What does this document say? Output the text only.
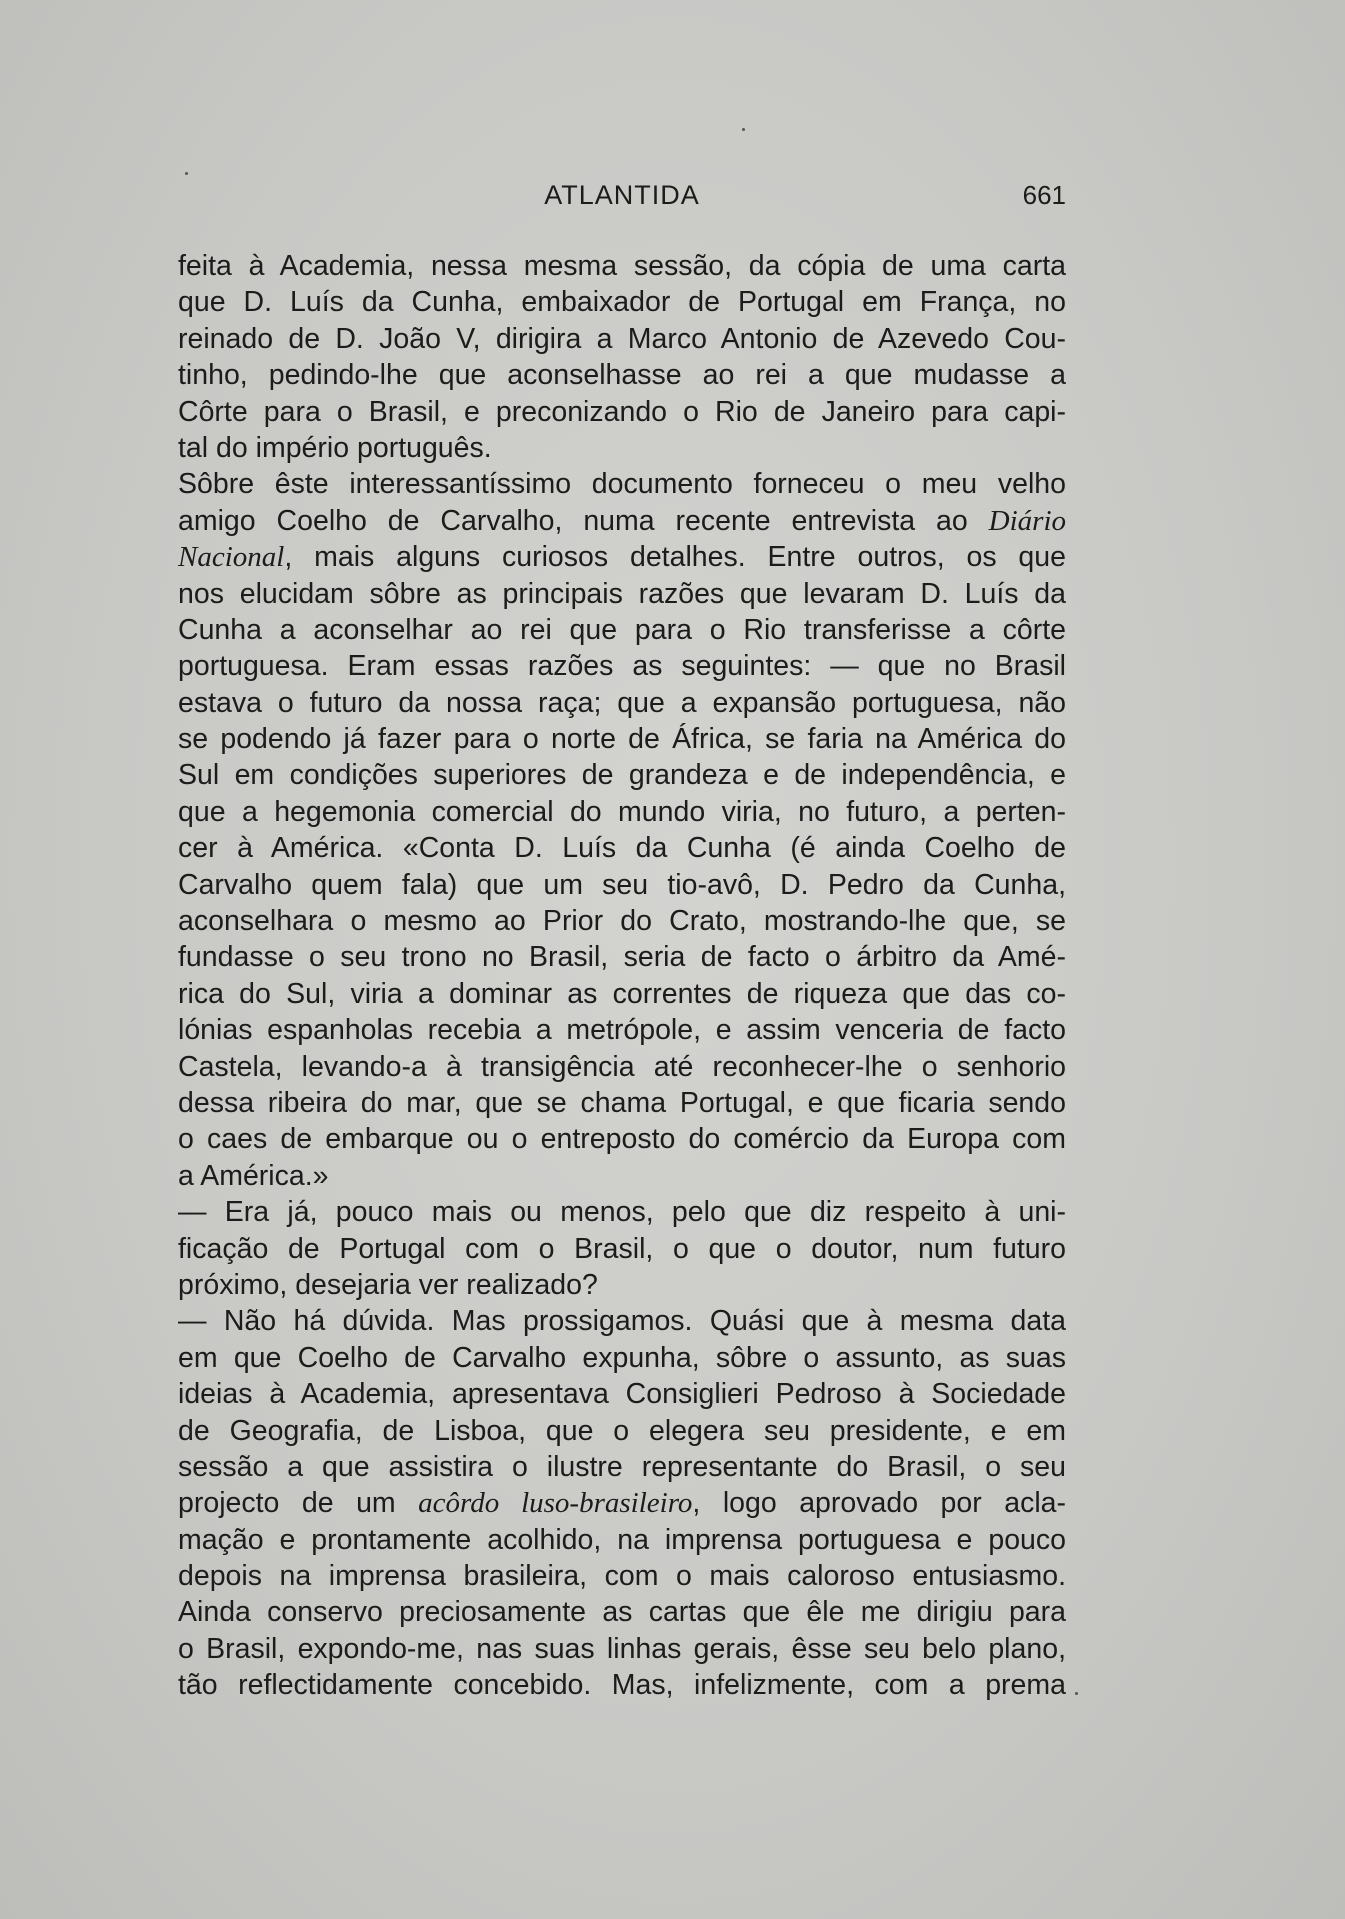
ATLANTIDA	661
feita à Academia, nessa mesma sessão, da cópia de uma carta
que D. Luís da Cunha, embaixador de Portugal em França, no
reinado de D. João V, dirigira a Marco Antonio de Azevedo Cou-
tinho, pedindo-lhe que aconselhasse ao rei a que mudasse a
Côrte para o Brasil, e preconizando o Rio de Janeiro para capi-
tal do império português.
Sôbre êste interessantíssimo documento forneceu o meu velho
amigo Coelho de Carvalho, numa recente entrevista ao Diário
Nacional, mais alguns curiosos detalhes. Entre outros, os que
nos elucidam sôbre as principais razões que levaram D. Luís da
Cunha a aconselhar ao rei que para o Rio transferisse a côrte
portuguesa. Eram essas razões as seguintes: — que no Brasil
estava o futuro da nossa raça; que a expansão portuguesa, não
se podendo já fazer para o norte de África, se faria na América do
Sul em condições superiores de grandeza e de independência, e
que a hegemonia comercial do mundo viria, no futuro, a perten-
cer à América. «Conta D. Luís da Cunha (é ainda Coelho de
Carvalho quem fala) que um seu tio-avô, D. Pedro da Cunha,
aconselhara o mesmo ao Prior do Crato, mostrando-lhe que, se
fundasse o seu trono no Brasil, seria de facto o árbitro da Amé-
rica do Sul, viria a dominar as correntes de riqueza que das co-
lónias espanholas recebia a metrópole, e assim venceria de facto
Castela, levando-a à transigência até reconhecer-lhe o senhorio
dessa ribeira do mar, que se chama Portugal, e que ficaria sendo
o caes de embarque ou o entreposto do comércio da Europa com
a América.»
— Era já, pouco mais ou menos, pelo que diz respeito à uni-
ficação de Portugal com o Brasil, o que o doutor, num futuro
próximo, desejaria ver realizado?
— Não há dúvida. Mas prossigamos. Quási que à mesma data
em que Coelho de Carvalho expunha, sôbre o assunto, as suas
ideias à Academia, apresentava Consiglieri Pedroso à Sociedade
de Geografia, de Lisboa, que o elegera seu presidente, e em
sessão a que assistira o ilustre representante do Brasil, o seu
projecto de um acôrdo luso-brasileiro, logo aprovado por acla-
mação e prontamente acolhido, na imprensa portuguesa e pouco
depois na imprensa brasileira, com o mais caloroso entusiasmo.
Ainda conservo preciosamente as cartas que êle me dirigiu para
o Brasil, expondo-me, nas suas linhas gerais, êsse seu belo plano,
tão reflectidamente concebido. Mas, infelizmente, com a prema
